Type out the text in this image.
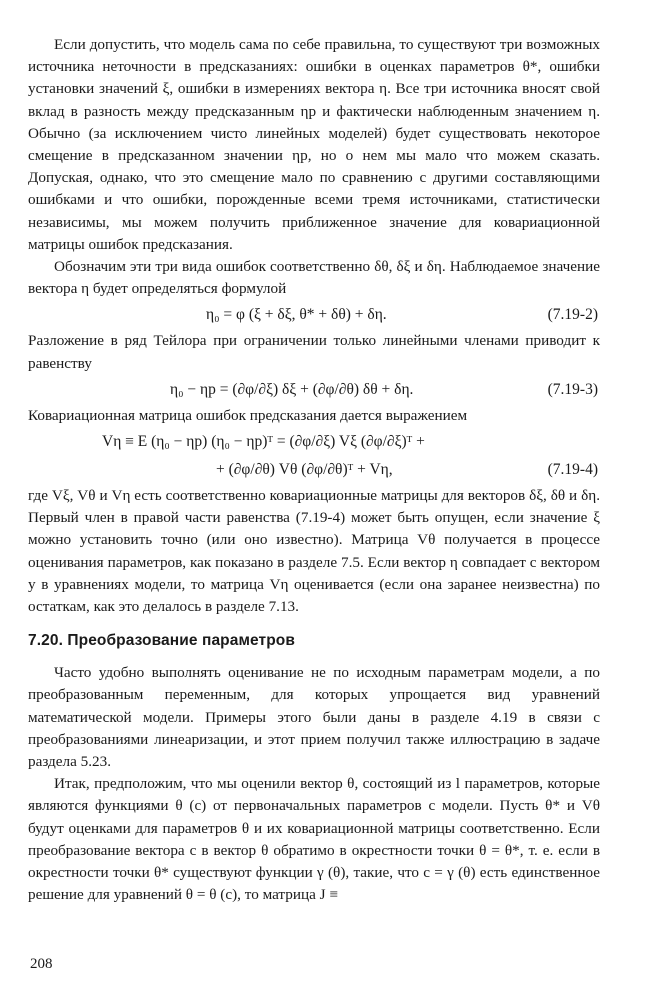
Если допустить, что модель сама по себе правильна, то существуют три возможных источника неточности в предсказаниях: ошибки в оценках параметров θ*, ошибки установки значений ξ, ошибки в измерениях вектора η. Все три источника вносят свой вклад в разность между предсказанным ηp и фактически наблюденным значением η. Обычно (за исключением чисто линейных моделей) будет существовать некоторое смещение в предсказанном значении ηp, но о нем мы мало что можем сказать. Допуская, однако, что это смещение мало по сравнению с другими составляющими ошибками и что ошибки, порожденные всеми тремя источниками, статистически независимы, мы можем получить приближенное значение для ковариационной матрицы ошибок предсказания.

Обозначим эти три вида ошибок соответственно δθ, δξ и δη. Наблюдаемое значение вектора η будет определяться формулой

η₀ = φ (ξ + δξ, θ* + δθ) + δη.	(7.19-2)

Разложение в ряд Тейлора при ограничении только линейными членами приводит к равенству

η₀ − ηp = (∂φ/∂ξ) δξ + (∂φ/∂θ) δθ + δη.	(7.19-3)

Ковариационная матрица ошибок предсказания дается выражением

Vη ≡ E (η₀ − ηp) (η₀ − ηp)ᵀ = (∂φ/∂ξ) Vξ (∂φ/∂ξ)ᵀ +
+ (∂φ/∂θ) Vθ (∂φ/∂θ)ᵀ + Vη,	(7.19-4)

где Vξ, Vθ и Vη есть соответственно ковариационные матрицы для векторов δξ, δθ и δη. Первый член в правой части равенства (7.19-4) может быть опущен, если значение ξ можно установить точно (или оно известно). Матрица Vθ получается в процессе оценивания параметров, как показано в разделе 7.5. Если вектор η совпадает с вектором y в уравнениях модели, то матрица Vη оценивается (если она заранее неизвестна) по остаткам, как это делалось в разделе 7.13.

7.20. Преобразование параметров

Часто удобно выполнять оценивание не по исходным параметрам модели, а по преобразованным переменным, для которых упрощается вид уравнений математической модели. Примеры этого были даны в разделе 4.19 в связи с преобразованиями линеаризации, и этот прием получил также иллюстрацию в задаче раздела 5.23.

Итак, предположим, что мы оценили вектор θ, состоящий из l параметров, которые являются функциями θ (c) от первоначальных параметров c модели. Пусть θ* и Vθ будут оценками для параметров θ и их ковариационной матрицы соответственно. Если преобразование вектора c в вектор θ обратимо в окрестности точки θ = θ*, т. е. если в окрестности точки θ* существуют функции γ (θ), такие, что c = γ (θ) есть единственное решение для уравнений θ = θ (c), то матрица J ≡

208
